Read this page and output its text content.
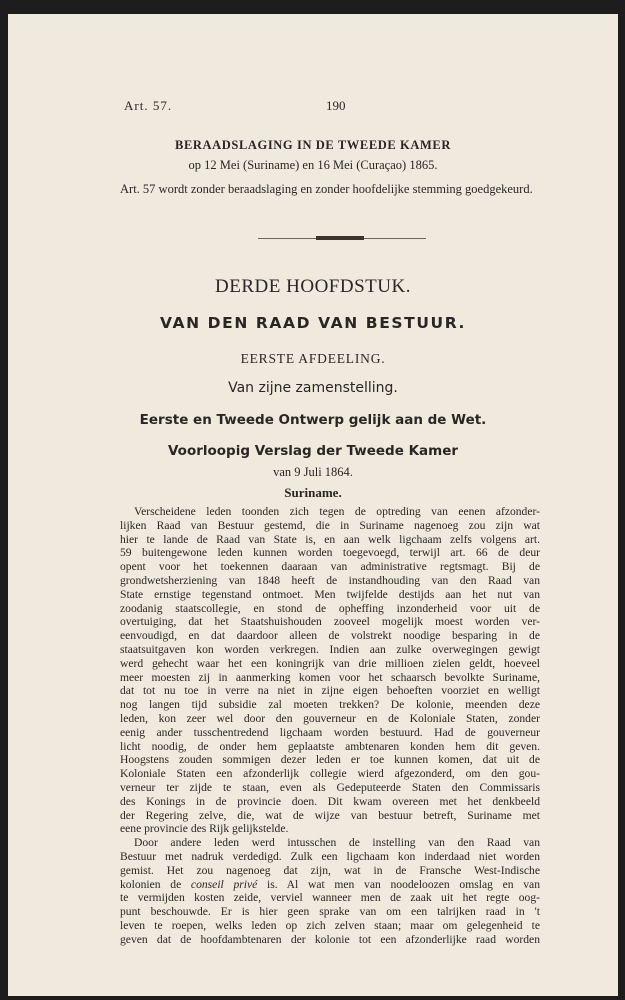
Art. 57.	190
BERAADSLAGING IN DE TWEEDE KAMER
op 12 Mei (Suriname) en 16 Mei (Curaçao) 1865.
Art. 57 wordt zonder beraadslaging en zonder hoofdelijke stemming goedgekeurd.
DERDE HOOFDSTUK.
VAN DEN RAAD VAN BESTUUR.
EERSTE AFDEELING.
Van zijne zamenstelling.
Eerste en Tweede Ontwerp gelijk aan de Wet.
Voorloopig Verslag der Tweede Kamer
van 9 Juli 1864.
Suriname.
Verscheidene leden toonden zich tegen de optreding van eenen afzonder-
lijken Raad van Bestuur gestemd, die in Suriname nagenoeg zou zijn wat
hier te lande de Raad van State is, en aan welk ligchaam zelfs volgens art.
59 buitengewone leden kunnen worden toegevoegd, terwijl art. 66 de deur
opent voor het toekennen daaraan van administrative regtsmagt. Bij de
grondwetsherziening van 1848 heeft de instandhouding van den Raad van
State ernstige tegenstand ontmoet. Men twijfelde destijds aan het nut van
zoodanig staatscollegie, en stond de opheffing inzonderheid voor uit de
overtuiging, dat het Staatshuishouden zooveel mogelijk moest worden ver-
eenvoudigd, en dat daardoor alleen de volstrekt noodige besparing in de
staatsuitgaven kon worden verkregen. Indien aan zulke overwegingen gewigt
werd gehecht waar het een koningrijk van drie millioen zielen geldt, hoeveel
meer moesten zij in aanmerking komen voor het schaarsch bevolkte Suriname,
dat tot nu toe in verre na niet in zijne eigen behoeften voorziet en welligt
nog langen tijd subsidie zal moeten trekken? De kolonie, meenden deze
leden, kon zeer wel door den gouverneur en de Koloniale Staten, zonder
eenig ander tusschentredend ligchaam worden bestuurd. Had de gouverneur
licht noodig, de onder hem geplaatste ambtenaren konden hem dit geven.
Hoogstens zouden sommigen dezer leden er toe kunnen komen, dat uit de
Koloniale Staten een afzonderlijk collegie wierd afgezonderd, om den gou-
verneur ter zijde te staan, even als Gedeputeerde Staten den Commissaris
des Konings in de provincie doen. Dit kwam overeen met het denkbeeld
der Regering zelve, die, wat de wijze van bestuur betreft, Suriname met
eene provincie des Rijk gelijkstelde.
Door andere leden werd intusschen de instelling van den Raad van
Bestuur met nadruk verdedigd. Zulk een ligchaam kon inderdaad niet worden
gemist. Het zou nagenoeg dat zijn, wat in de Fransche West-Indische
kolonien de conseil privé is. Al wat men van noodeloozen omslag en van
te vermijden kosten zeide, verviel wanneer men de zaak uit het regte oog-
punt beschouwde. Er is hier geen sprake van om een talrijken raad in 't
leven te roepen, welks leden op zich zelven staan; maar om gelegenheid te
geven dat de hoofdambtenaren der kolonie tot een afzonderlijke raad worden
